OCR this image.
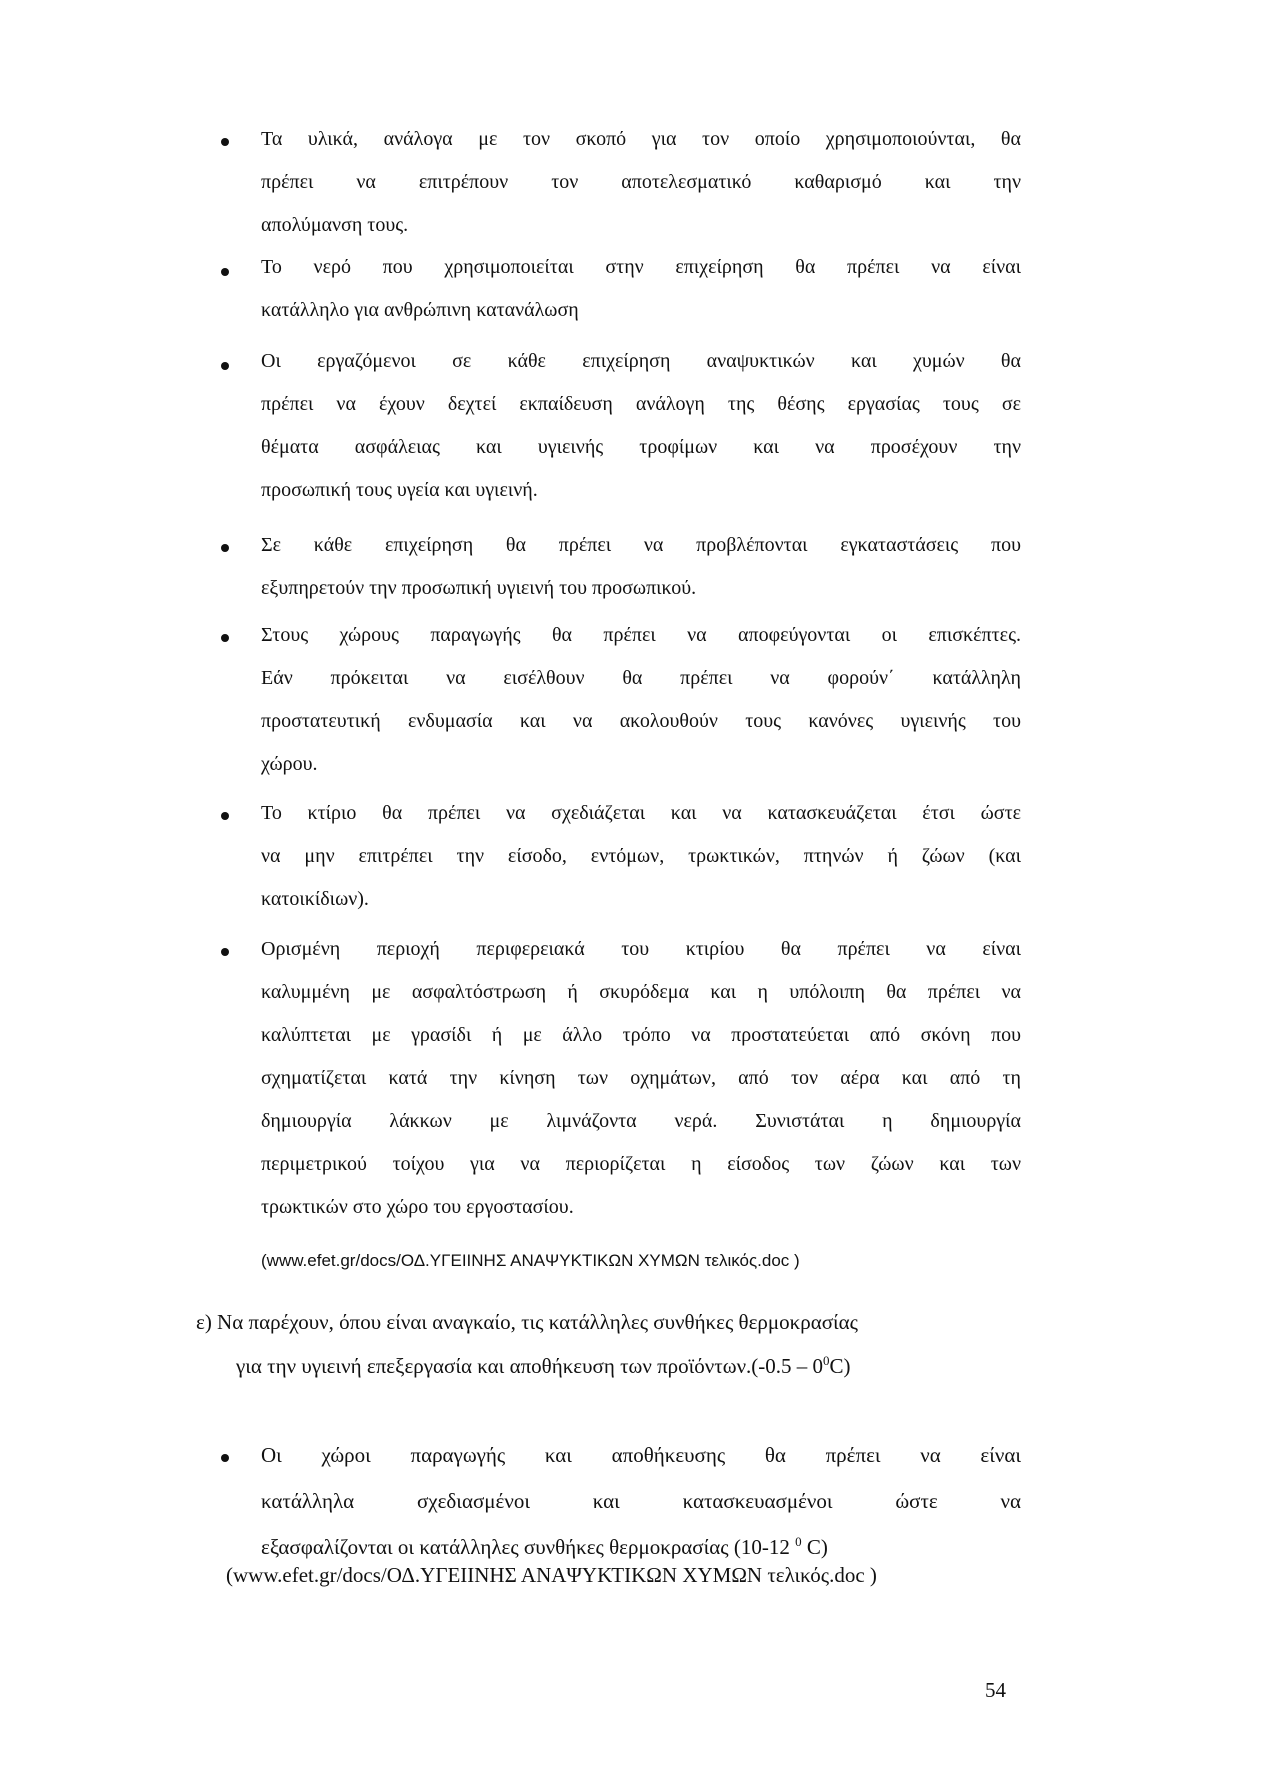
Τα υλικά, ανάλογα με τον σκοπό για τον οποίο χρησιμοποιούνται, θα
πρέπει να επιτρέπουν τον αποτελεσματικό καθαρισμό και την
απολύμανση τους.
Το νερό που χρησιμοποιείται στην επιχείρηση θα πρέπει να είναι
κατάλληλο για ανθρώπινη κατανάλωση
Οι εργαζόμενοι σε κάθε επιχείρηση αναψυκτικών και χυμών θα
πρέπει να έχουν δεχτεί εκπαίδευση ανάλογη της θέσης εργασίας τους σε
θέματα ασφάλειας και υγιεινής τροφίμων και να προσέχουν την
προσωπική τους υγεία και υγιεινή.
Σε κάθε επιχείρηση θα πρέπει να προβλέπονται εγκαταστάσεις που
εξυπηρετούν την προσωπική υγιεινή του προσωπικού.
Στους χώρους παραγωγής θα πρέπει να αποφεύγονται οι επισκέπτες.
Εάν πρόκειται να εισέλθουν θα πρέπει να φορούν΄ κατάλληλη
προστατευτική ενδυμασία και να ακολουθούν τους κανόνες υγιεινής του
χώρου.
Το κτίριο θα πρέπει να σχεδιάζεται και να κατασκευάζεται έτσι ώστε
να μην επιτρέπει την είσοδο, εντόμων, τρωκτικών, πτηνών ή ζώων (και
κατοικίδιων).
Ορισμένη περιοχή περιφερειακά του κτιρίου θα πρέπει να είναι
καλυμμένη με ασφαλτόστρωση ή σκυρόδεμα και η υπόλοιπη θα πρέπει να
καλύπτεται με γρασίδι ή με άλλο τρόπο να προστατεύεται από σκόνη που
σχηματίζεται κατά την κίνηση των οχημάτων, από τον αέρα και από τη
δημιουργία λάκκων με λιμνάζοντα νερά. Συνιστάται η δημιουργία
περιμετρικού τοίχου για να περιορίζεται η είσοδος των ζώων και των
τρωκτικών στο χώρο του εργοστασίου.
(www.efet.gr/docs/ΟΔ.ΥΓΕΙΙΝΗΣ ΑΝΑΨΥΚΤΙΚΩΝ ΧΥΜΩΝ τελικός.doc )
ε) Να παρέχουν, όπου είναι αναγκαίο, τις κατάλληλες συνθήκες θερμοκρασίας
για την υγιεινή επεξεργασία και αποθήκευση των $\pi\rho oϊό\nu\tau\omega\nu.(-0.5 - 0^0C)$
Οι χώροι παραγωγής και αποθήκευσης θα πρέπει να είναι
κατάλληλα σχεδιασμένοι και κατασκευασμένοι ώστε να
εξασφαλίζονται οι κατάλληλες συνθήκες θερμοκρασίας (10-12 $^0$ C)
(www.efet.gr/docs/ΟΔ.ΥΓΕΙΙΝΗΣ ΑΝΑΨΥΚΤΙΚΩΝ ΧΥΜΩΝ τελικός.doc )
54
